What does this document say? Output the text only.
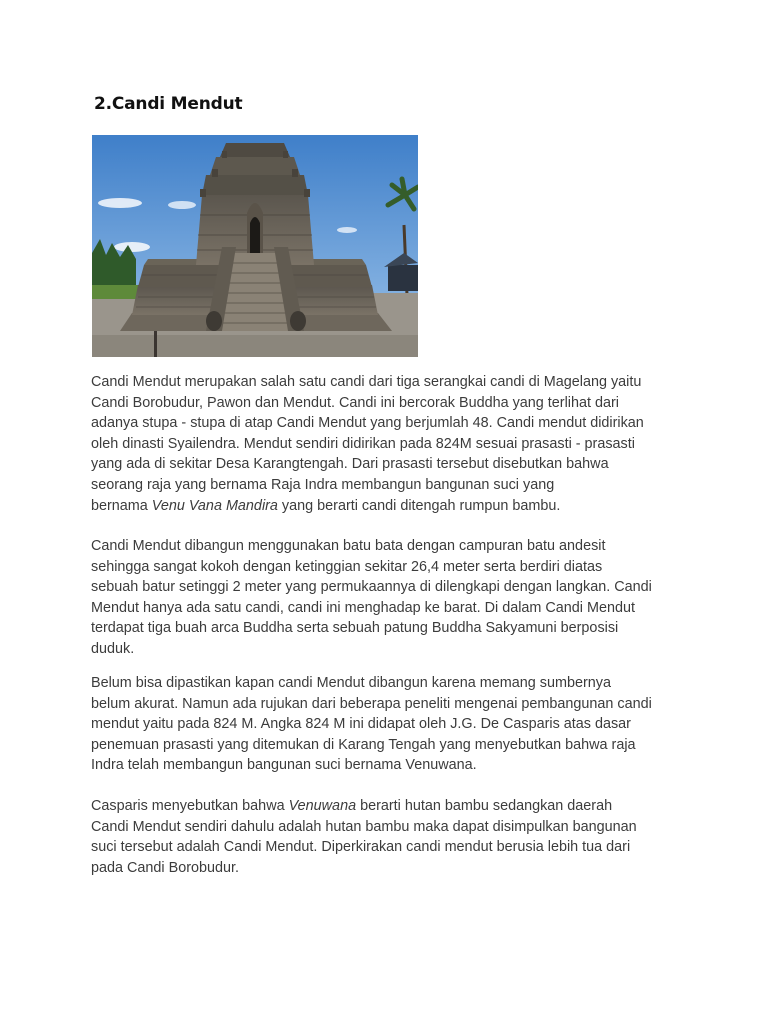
2.Candi Mendut
Candi Mendut merupakan salah satu candi dari tiga serangkai candi di Magelang yaitu
Candi Borobudur, Pawon dan Mendut. Candi ini bercorak Buddha yang terlihat dari
adanya stupa - stupa di atap Candi Mendut yang berjumlah 48. Candi mendut didirikan
oleh dinasti Syailendra. Mendut sendiri didirikan pada 824M sesuai prasasti - prasasti
yang ada di sekitar Desa Karangtengah. Dari prasasti tersebut disebutkan bahwa
seorang raja yang bernama Raja Indra membangun bangunan suci yang
bernama Venu Vana Mandira yang berarti candi ditengah rumpun bambu.
Candi Mendut dibangun menggunakan batu bata dengan campuran batu andesit
sehingga sangat kokoh dengan ketinggian sekitar 26,4 meter serta berdiri diatas
sebuah batur setinggi 2 meter yang permukaannya di dilengkapi dengan langkan. Candi
Mendut hanya ada satu candi, candi ini menghadap ke barat. Di dalam Candi Mendut
terdapat tiga buah arca Buddha serta sebuah patung Buddha Sakyamuni berposisi
duduk.
Belum bisa dipastikan kapan candi Mendut dibangun karena memang sumbernya
belum akurat. Namun ada rujukan dari beberapa peneliti mengenai pembangunan candi
mendut yaitu pada 824 M. Angka 824 M ini didapat oleh J.G. De Casparis atas dasar
penemuan prasasti yang ditemukan di Karang Tengah yang menyebutkan bahwa raja
Indra telah membangun bangunan suci bernama Venuwana.
Casparis menyebutkan bahwa Venuwana berarti hutan bambu sedangkan daerah
Candi Mendut sendiri dahulu adalah hutan bambu maka dapat disimpulkan bangunan
suci tersebut adalah Candi Mendut. Diperkirakan candi mendut berusia lebih tua dari
pada Candi Borobudur.
